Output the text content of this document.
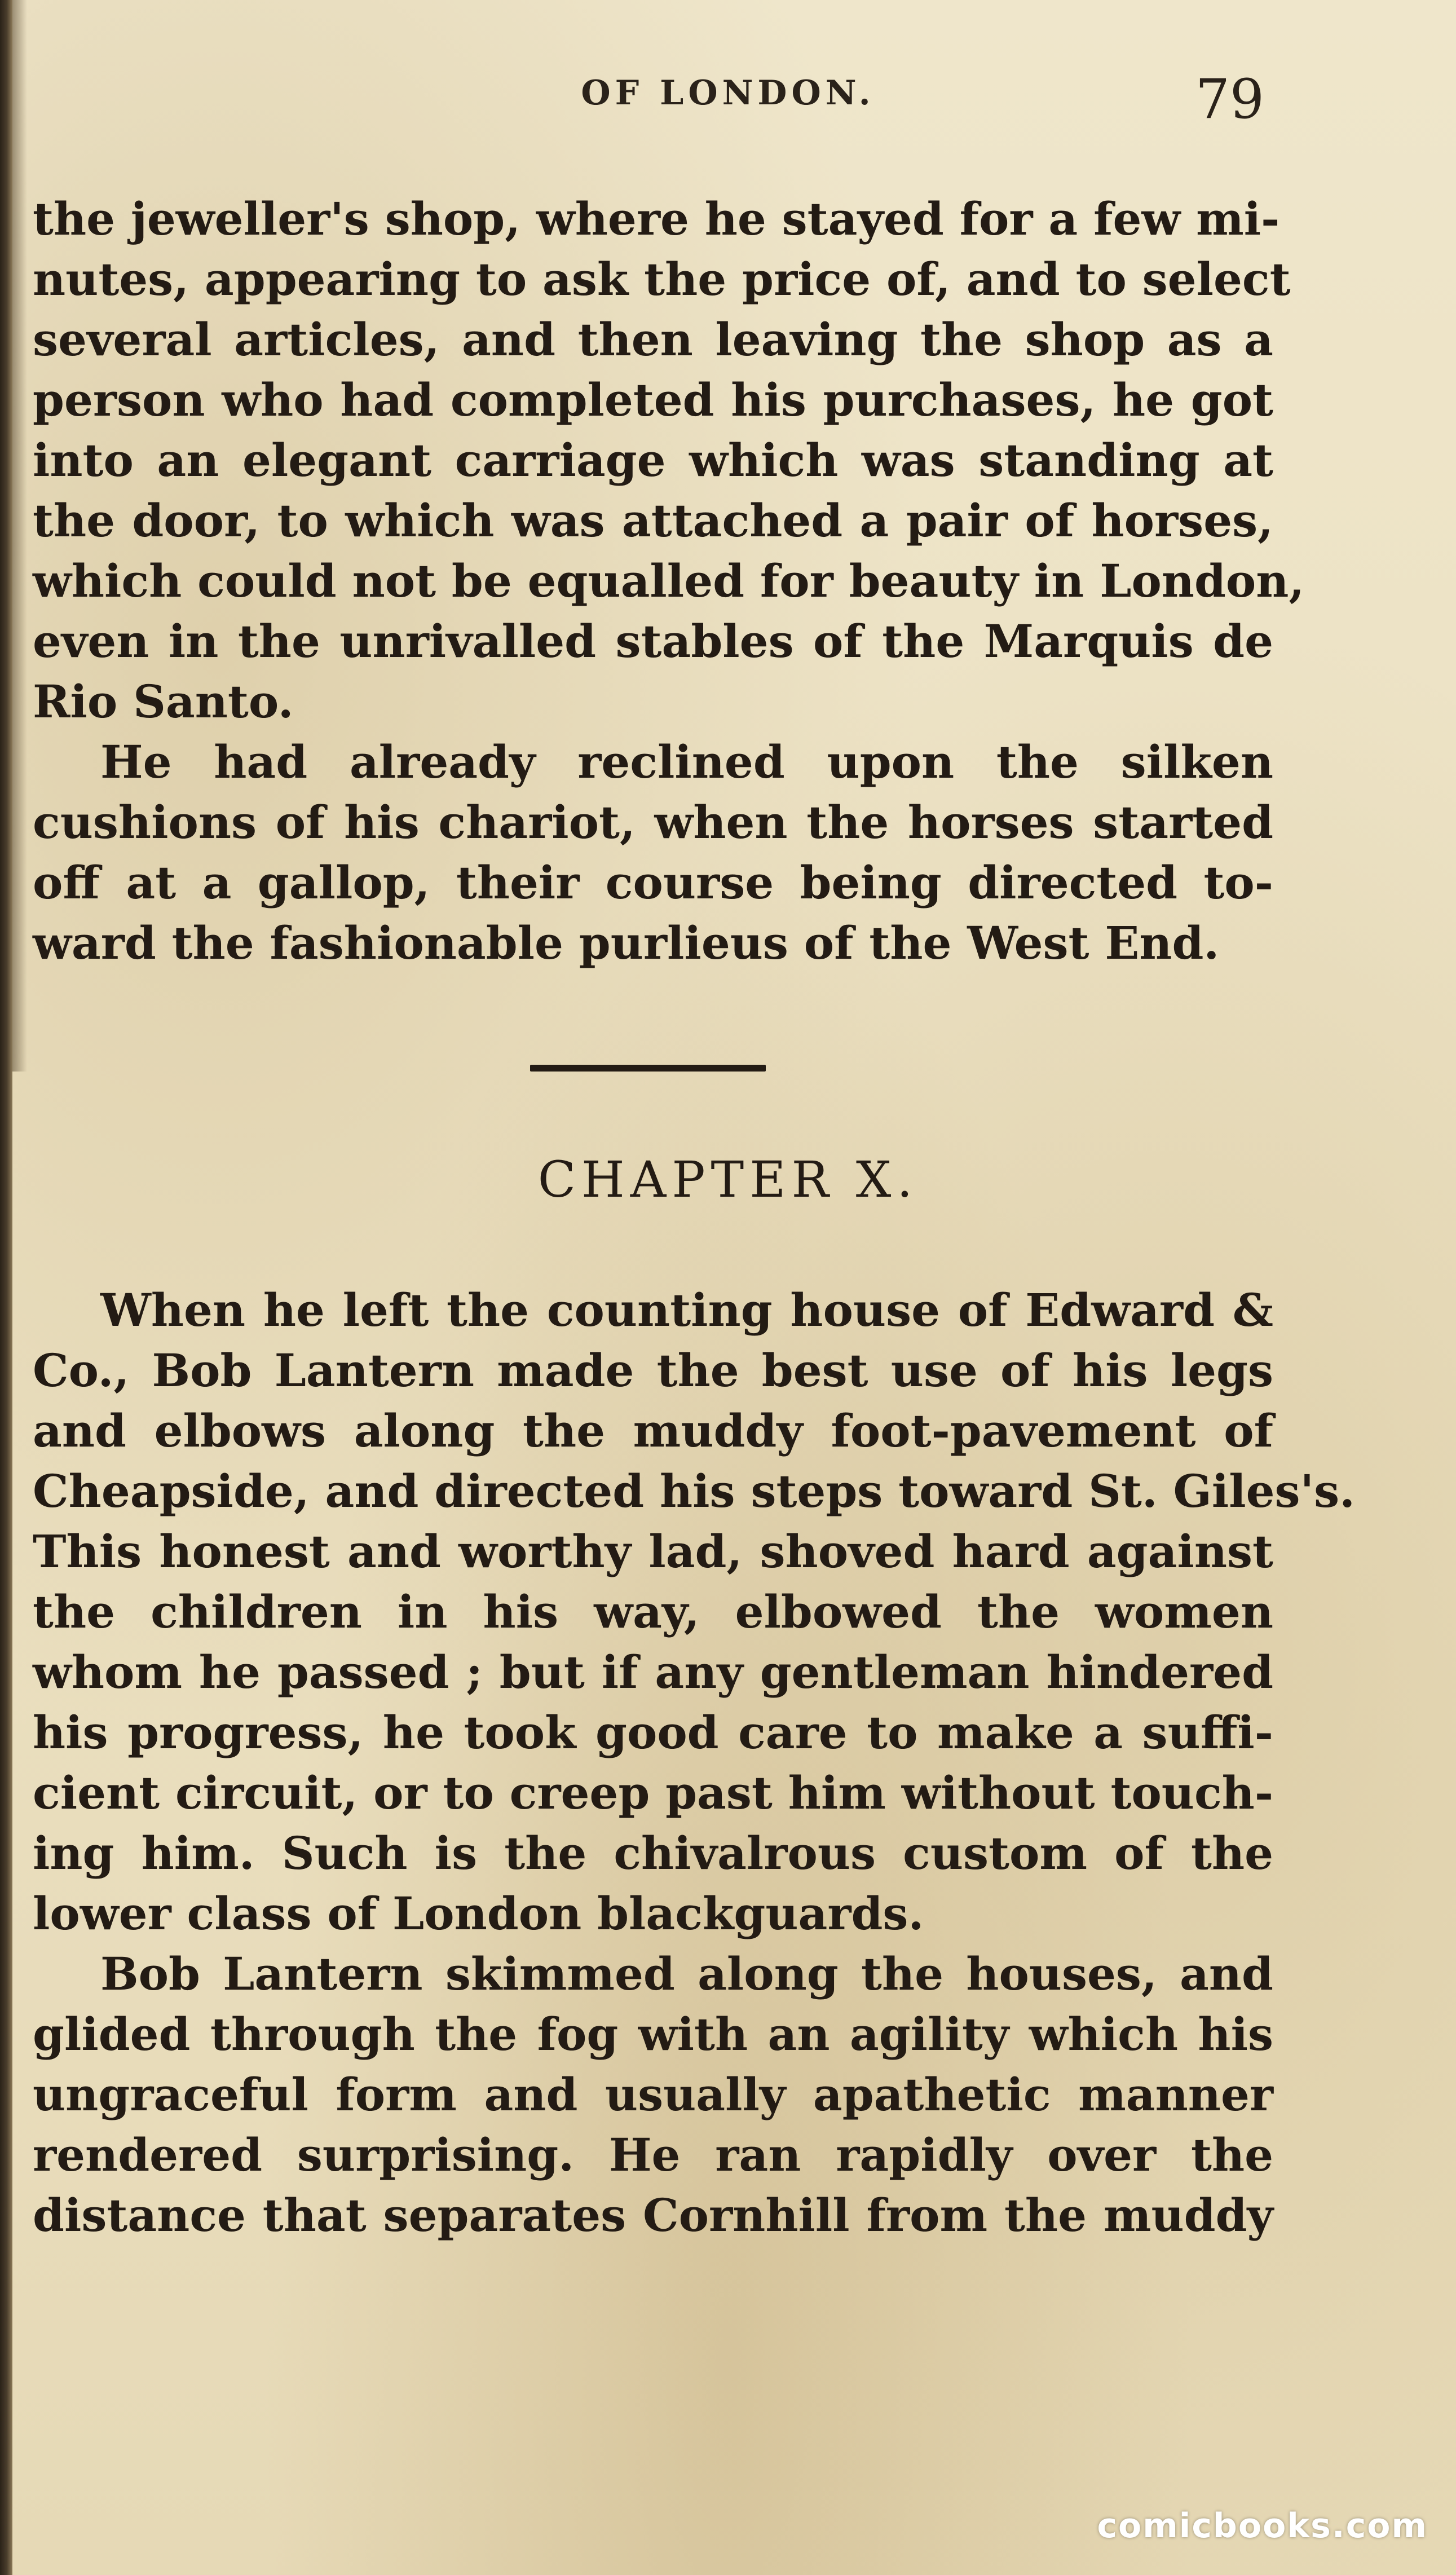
OF LONDON.	79
the jeweller's shop, where he stayed for a few mi-
nutes, appearing to ask the price of, and to select
several articles, and then leaving the shop as a
person who had completed his purchases, he got
into an elegant carriage which was standing at
the door, to which was attached a pair of horses,
which could not be equalled for beauty in London,
even in the unrivalled stables of the Marquis de
Rio Santo.
He had already reclined upon the silken
cushions of his chariot, when the horses started
off at a gallop, their course being directed to-
ward the fashionable purlieus of the West End.
CHAPTER X.
When he left the counting house of Edward &
Co., Bob Lantern made the best use of his legs
and elbows along the muddy foot-pavement of
Cheapside, and directed his steps toward St. Giles's.
This honest and worthy lad, shoved hard against
the children in his way, elbowed the women
whom he passed ; but if any gentleman hindered
his progress, he took good care to make a suffi-
cient circuit, or to creep past him without touch-
ing him. Such is the chivalrous custom of the
lower class of London blackguards.
Bob Lantern skimmed along the houses, and
glided through the fog with an agility which his
ungraceful form and usually apathetic manner
rendered surprising. He ran rapidly over the
distance that separates Cornhill from the muddy
comicbooks.com
